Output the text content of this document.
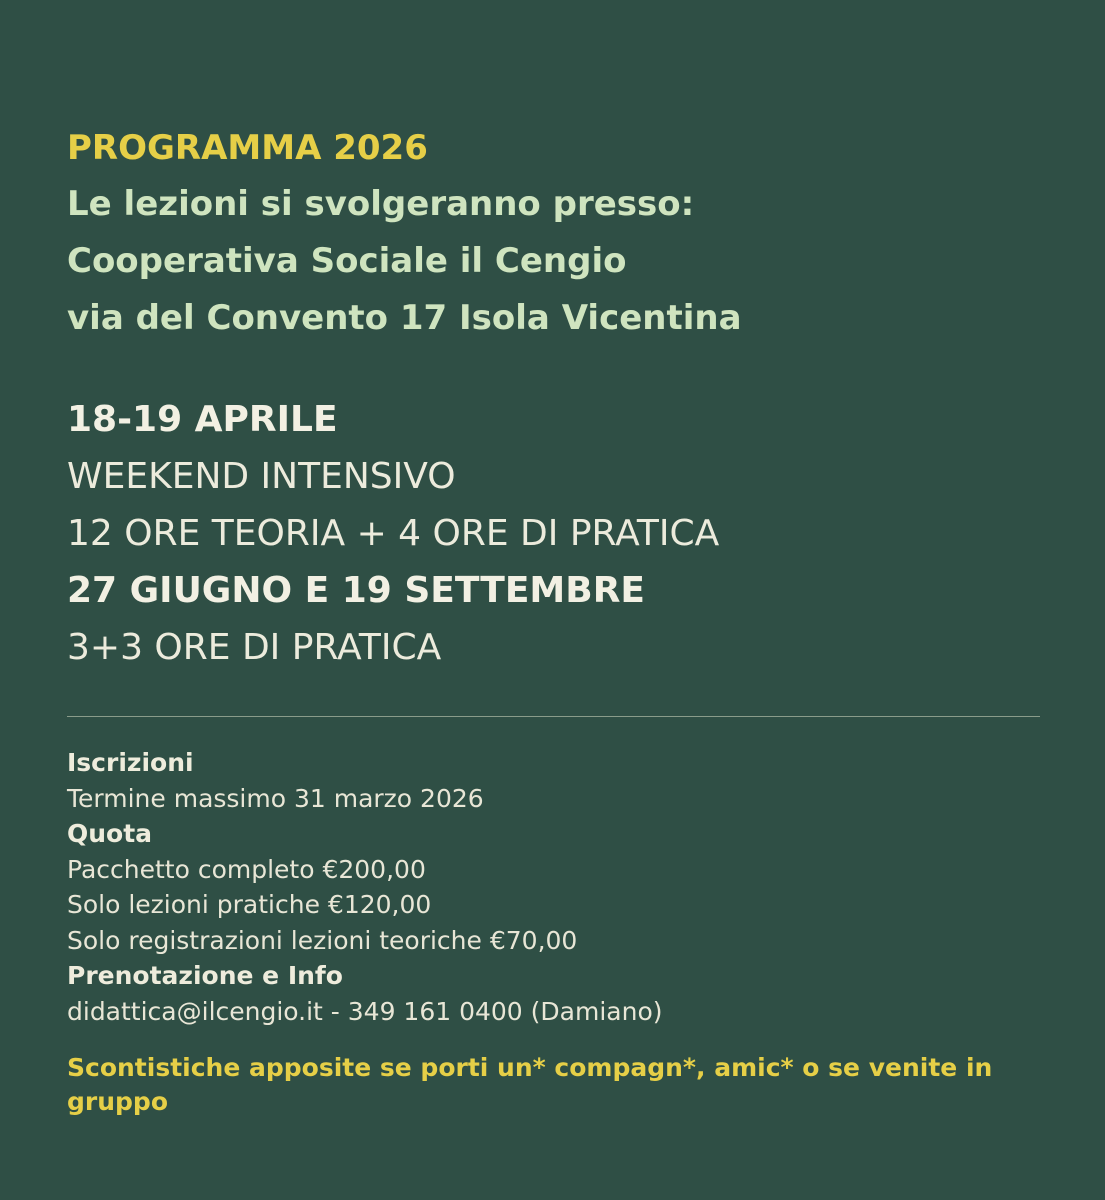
PROGRAMMA 2026
Le lezioni si svolgeranno presso:
Cooperativa Sociale il Cengio
via del Convento 17 Isola Vicentina
18-19 APRILE
WEEKEND INTENSIVO
12 ORE TEORIA + 4 ORE DI PRATICA
27 GIUGNO E 19 SETTEMBRE
3+3 ORE DI PRATICA
Iscrizioni
Termine massimo 31 marzo 2026
Quota
Pacchetto completo €200,00
Solo lezioni pratiche €120,00
Solo registrazioni lezioni teoriche €70,00
Prenotazione e Info
didattica@ilcengio.it - 349 161 0400 (Damiano)
Scontistiche apposite se porti un* compagn*, amic* o se venite in gruppo
